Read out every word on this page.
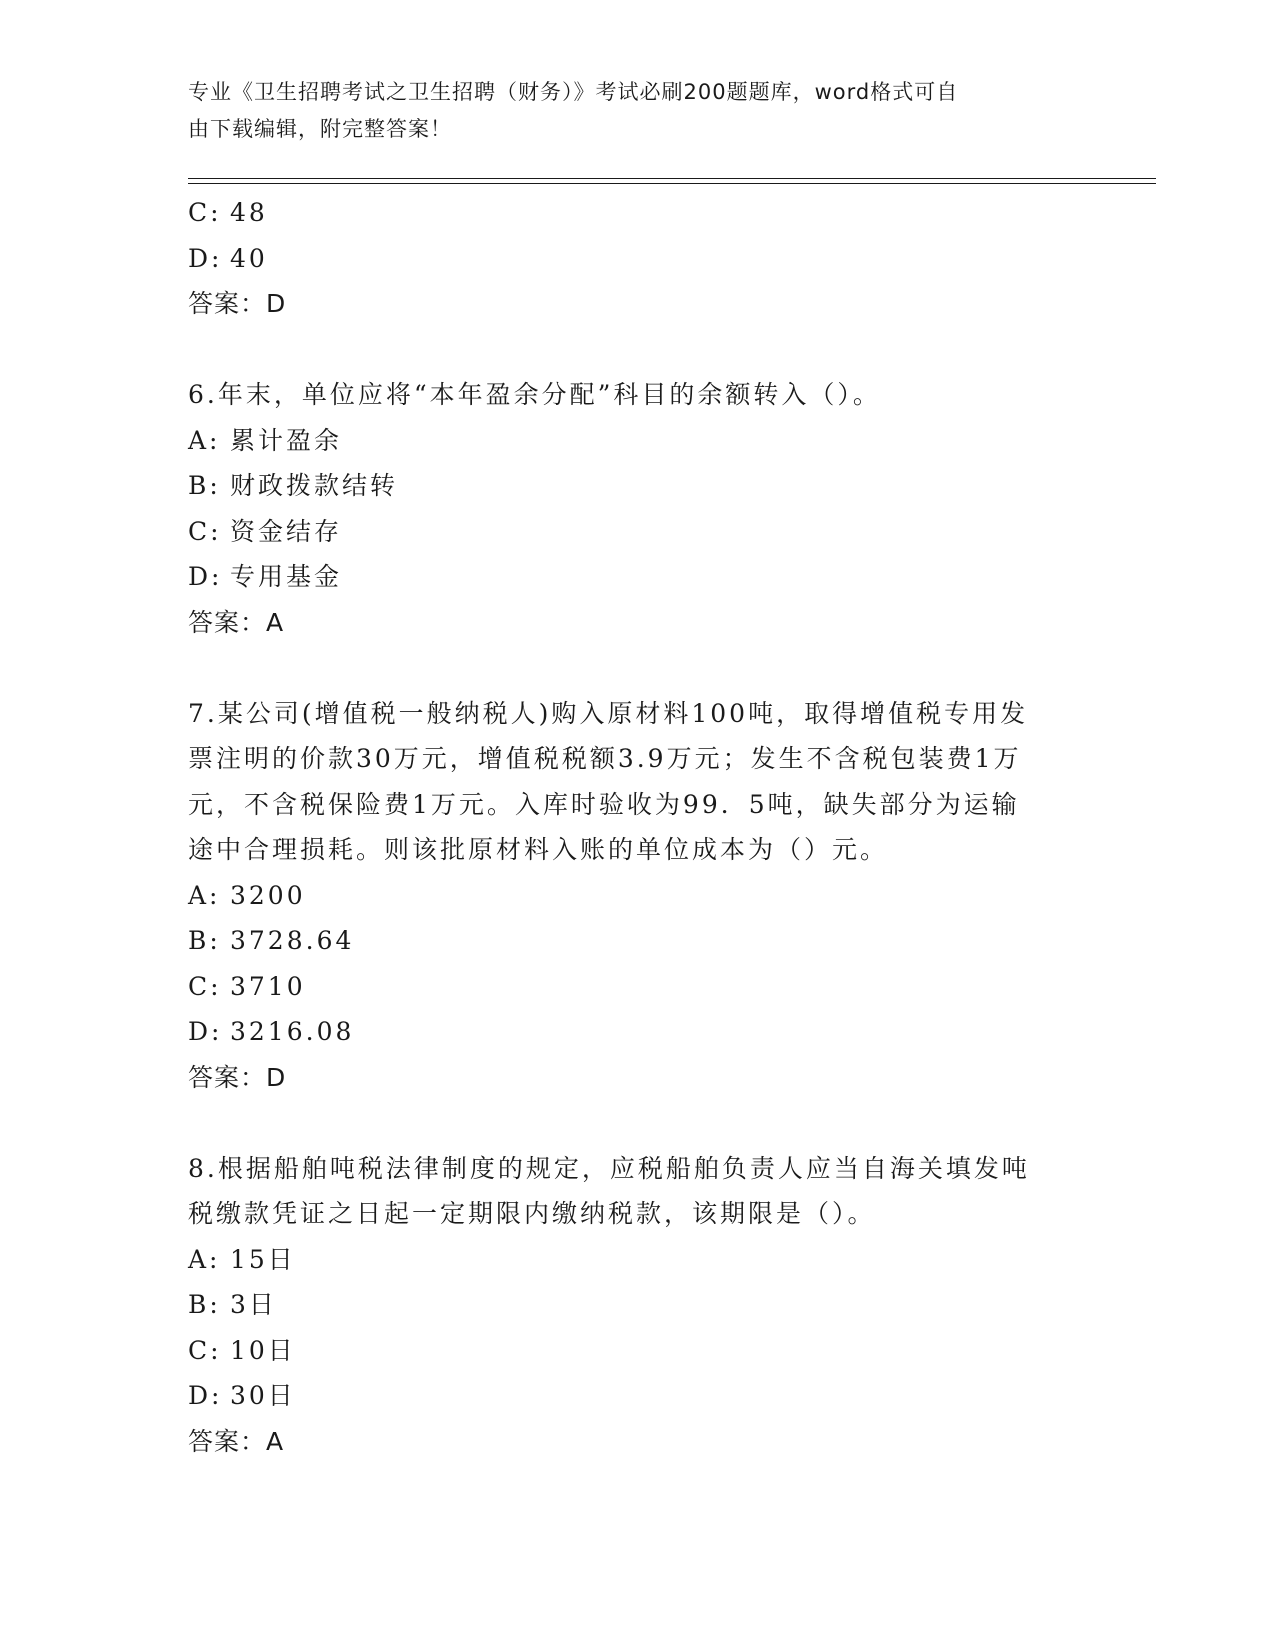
专业《卫生招聘考试之卫生招聘（财务）》考试必刷200题题库，word格式可自
由下载编辑，附完整答案！
C: 48
D: 40
答案：D
6.年末，单位应将“本年盈余分配”科目的余额转入（）。
A: 累计盈余
B: 财政拨款结转
C: 资金结存
D: 专用基金
答案：A
7.某公司(增值税一般纳税人)购入原材料100吨，取得增值税专用发
票注明的价款30万元，增值税税额3.9万元；发生不含税包装费1万
元，不含税保险费1万元。入库时验收为99．5吨，缺失部分为运输
途中合理损耗。则该批原材料入账的单位成本为（）元。
A: 3200
B: 3728.64
C: 3710
D: 3216.08
答案：D
8.根据船舶吨税法律制度的规定，应税船舶负责人应当自海关填发吨
税缴款凭证之日起一定期限内缴纳税款，该期限是（）。
A: 15日
B: 3日
C: 10日
D: 30日
答案：A
